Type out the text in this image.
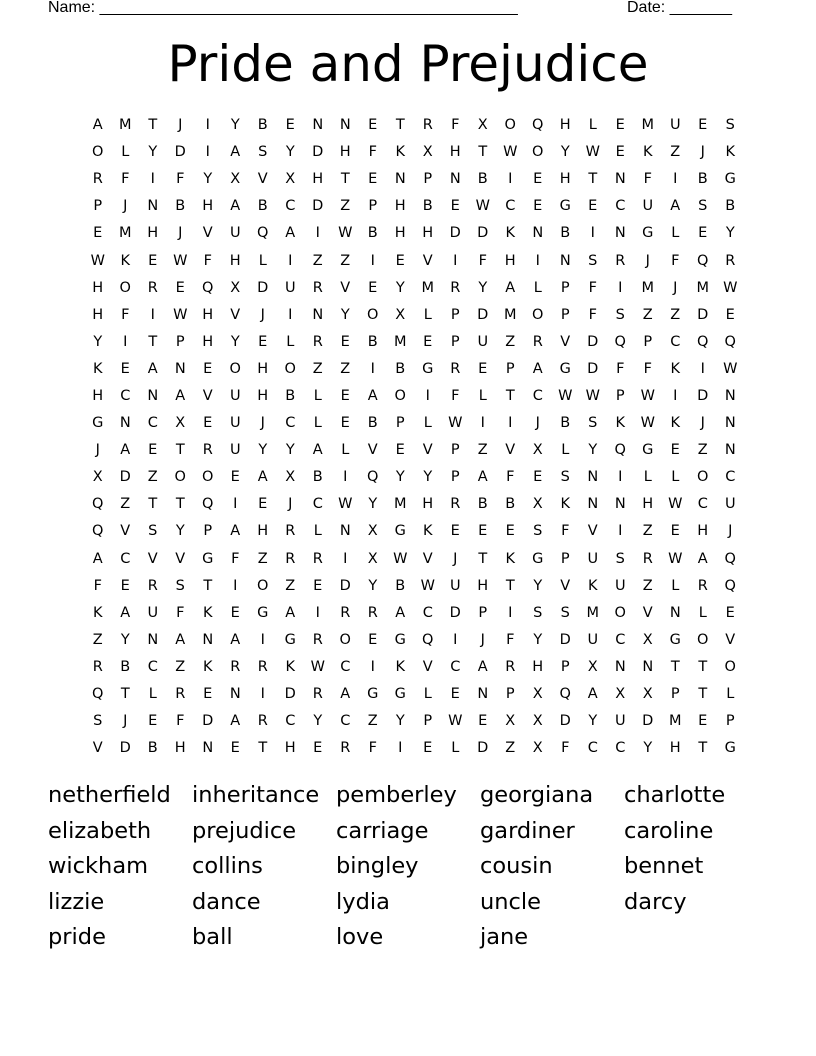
Name: _______________________________________________	Date: _______
Pride and Prejudice
A	M	T	J	I	Y	B	E	N	N	E	T	R	F	X	O	Q	H	L	E	M	U	E	S
O	L	Y	D	I	A	S	Y	D	H	F	K	X	H	T	W	O	Y	W	E	K	Z	J	K
R	F	I	F	Y	X	V	X	H	T	E	N	P	N	B	I	E	H	T	N	F	I	B	G
P	J	N	B	H	A	B	C	D	Z	P	H	B	E	W	C	E	G	E	C	U	A	S	B
E	M	H	J	V	U	Q	A	I	W	B	H	H	D	D	K	N	B	I	N	G	L	E	Y
W	K	E	W	F	H	L	I	Z	Z	I	E	V	I	F	H	I	N	S	R	J	F	Q	R
H	O	R	E	Q	X	D	U	R	V	E	Y	M	R	Y	A	L	P	F	I	M	J	M W
H	F	I	W	H	V	J	I	N	Y	O	X	L	P	D	M	O	P	F	S	Z	Z	D	E
Y	I	T	P	H	Y	E	L	R	E	B	M	E	P	U	Z	R	V	D	Q	P	C	Q	Q
K	E	A	N	E	O	H	O	Z	Z	I	B	G	R	E	P	A	G	D	F	F	K	I	W
H	C	N	A	V	U	H	B	L	E	A	O	I	F	L	T	C	W W	P	W	I	D	N
G	N	C	X	E	U	J	C	L	E	B	P	L	W	I	I	J	B	S	K	W	K	J	N
J	A	E	T	R	U	Y	Y	A	L	V	E	V	P	Z	V	X	L	Y	Q	G	E	Z	N
X	D	Z	O	O	E	A	X	B	I	Q	Y	Y	P	A	F	E	S	N	I	L	L	O	C
Q	Z	T	T	Q	I	E	J	C	W	Y	M	H	R	B	B	X	K	N	N	H	W	C	U
Q	V	S	Y	P	A	H	R	L	N	X	G	K	E	E	E	S	F	V	I	Z	E	H	J
A	C	V	V	G	F	Z	R	R	I	X	W	V	J	T	K	G	P	U	S	R	W	A	Q
F	E	R	S	T	I	O	Z	E	D	Y	B	W	U	H	T	Y	V	K	U	Z	L	R	Q
K	A	U	F	K	E	G	A	I	R	R	A	C	D	P	I	S	S	M	O	V	N	L	E
Z	Y	N	A	N	A	I	G	R	O	E	G	Q	I	J	F	Y	D	U	C	X	G	O	V
R	B	C	Z	K	R	R	K	W	C	I	K	V	C	A	R	H	P	X	N	N	T	T	O
Q	T	L	R	E	N	I	D	R	A	G	G	L	E	N	P	X	Q	A	X	X	P	T	L
S	J	E	F	D	A	R	C	Y	C	Z	Y	P	W	E	X	X	D	Y	U	D	M	E	P
V	D	B	H	N	E	T	H	E	R	F	I	E	L	D	Z	X	F	C	C	Y	H	T	G
netherfield inheritance pemberley	georgiana	charlotte
elizabeth	prejudice	carriage	gardiner	caroline
wickham	collins	bingley	cousin	bennet
lizzie	dance	lydia	uncle	darcy
pride	ball	love	jane
